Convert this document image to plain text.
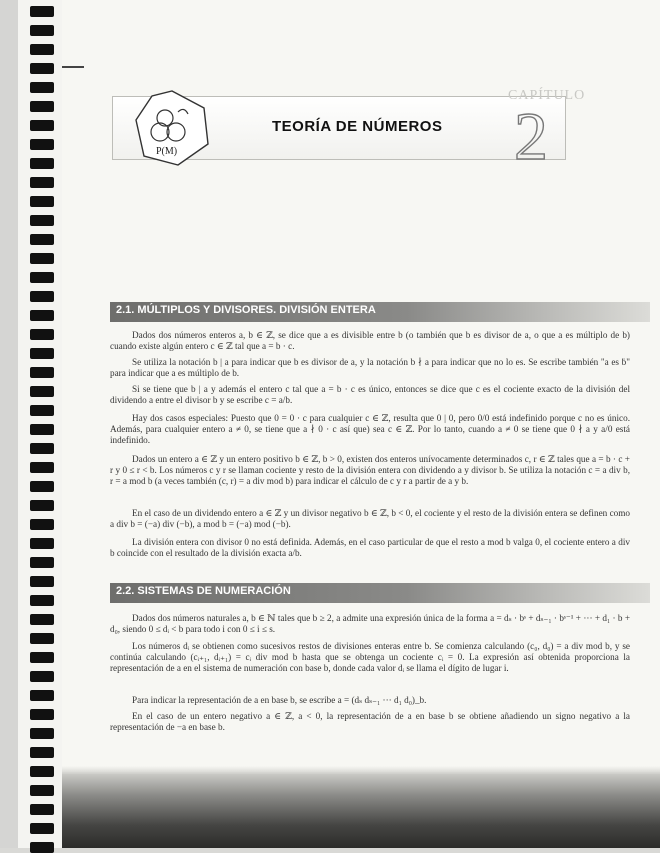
P(M)
TEORÍA DE NÚMEROS
CAPÍTULO
2
2.1. MÚLTIPLOS Y DIVISORES. DIVISIÓN ENTERA

Dados dos números enteros a, b ∈ ℤ, se dice que a es divisible entre b (o también que b es divisor de a, o que a es múltiplo de b) cuando existe algún entero c ∈ ℤ tal que a = b · c.

Se utiliza la notación b | a para indicar que b es divisor de a, y la notación b ∤ a para indicar que no lo es. Se escribe también "a es ḃ" para indicar que a es múltiplo de b.

Si se tiene que b | a y además el entero c tal que a = b · c es único, entonces se dice que c es el cociente exacto de la división del dividendo a entre el divisor b y se escribe c = a/b.

Hay dos casos especiales: Puesto que 0 = 0 · c para cualquier c ∈ ℤ, resulta que 0 | 0, pero 0/0 está indefinido porque c no es único. Además, para cualquier entero a ≠ 0, se tiene que a ∤ 0 · c así que) sea c ∈ ℤ. Por lo tanto, cuando a ≠ 0 se tiene que 0 ∤ a y a/0 está indefinido.

Dados un entero a ∈ ℤ y un entero positivo b ∈ ℤ, b > 0, existen dos enteros unívocamente determinados c, r ∈ ℤ tales que a = b · c + r y 0 ≤ r < b. Los números c y r se llaman cociente y resto de la división entera con dividendo a y divisor b. Se utiliza la notación c = a div b, r = a mod b (a veces también (c, r) = a div mod b) para indicar el cálculo de c y r a partir de a y b.

En el caso de un dividendo entero a ∈ ℤ y un divisor negativo b ∈ ℤ, b < 0, el cociente y el resto de la división entera se definen como a div b = (−a) div (−b), a mod b = (−a) mod (−b).

La división entera con divisor 0 no está definida. Además, en el caso particular de que el resto a mod b valga 0, el cociente entero a div b coincide con el resultado de la división exacta a/b.

2.2. SISTEMAS DE NUMERACIÓN

Dados dos números naturales a, b ∈ ℕ tales que b ≥ 2, a admite una expresión única de la forma a = dₛ · bˢ + dₛ₋₁ · bˢ⁻¹ + ··· + d₁ · b + d₀, siendo 0 ≤ dᵢ < b para todo i con 0 ≤ i ≤ s.

Los números dᵢ se obtienen como sucesivos restos de divisiones enteras entre b. Se comienza calculando (c₀, d₀) = a div mod b, y se continúa calculando (cᵢ₊₁, dᵢ₊₁) = cᵢ div mod b hasta que se obtenga un cociente cᵢ = 0. La expresión así obtenida proporciona la representación de a en el sistema de numeración con base b, donde cada valor dᵢ se llama el dígito de lugar i.

Para indicar la representación de a en base b, se escribe a = (dₛ dₛ₋₁ ··· d₁ d₀)_b.

En el caso de un entero negativo a ∈ ℤ, a < 0, la representación de a en base b se obtiene añadiendo un signo negativo a la representación de −a en base b.
